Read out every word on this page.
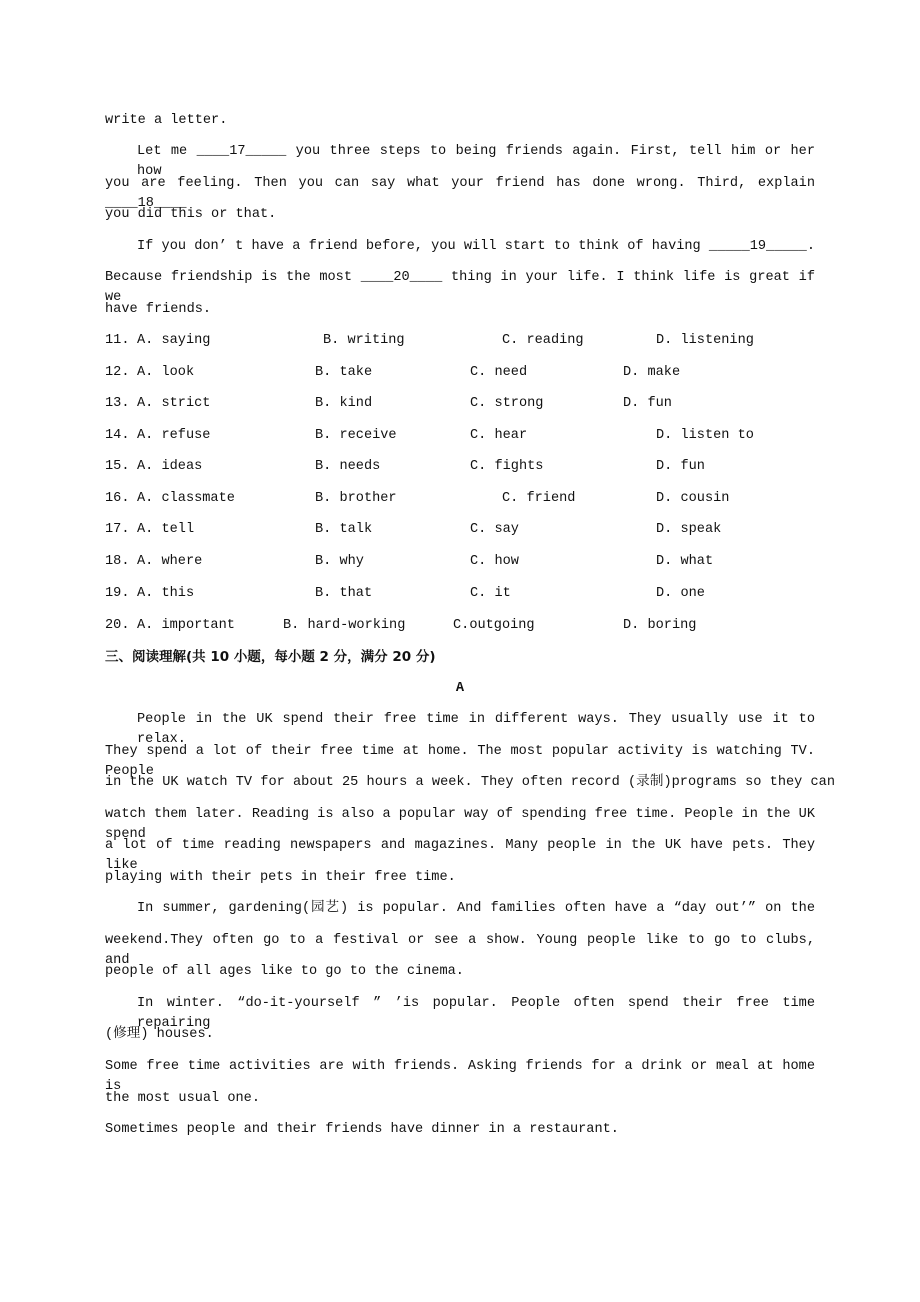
write a letter.
Let me ____17_____ you three steps to being friends again. First, tell him or her how
you are feeling. Then you can say what your friend has done wrong. Third, explain ____18____
you did this or that.
If you don’ t have a friend before, you will start to think of having _____19_____.
Because friendship is the most ____20____ thing in your life. I think life is great if we
have friends.
11. A. saying	B. writing	C. reading	D. listening
12. A. look	B. take	C. need	D. make
13. A. strict	B. kind	C. strong	D. fun
14. A. refuse	B. receive	C. hear	D. listen to
15. A. ideas	B. needs	C. fights	D. fun
16. A. classmate	B. brother	C. friend	D. cousin
17. A. tell	B. talk	C. say	D. speak
18. A. where	B. why	C. how	D. what
19. A. this	B. that	C. it	D. one
20. A. important	B. hard-working	C.outgoing	D. boring
三、阅读理解(共 10 小题，每小题 2 分，满分 20 分)
A
People in the UK spend their free time in different ways. They usually use it to relax.
They spend a lot of their free time at home. The most popular activity is watching TV. People
in the UK watch TV for about 25 hours a week. They often record (录制)programs so they can
watch them later. Reading is also a popular way of spending free time. People in the UK spend
a lot of time reading newspapers and magazines. Many people in the UK have pets. They like
playing with their pets in their free time.
In summer, gardening(园艺) is popular. And families often have a “day out’” on the
weekend.They often go to a festival or see a show. Young people like to go to clubs, and
people of all ages like to go to the cinema.
In winter. “do-it-yourself ” ’is popular. People often spend their free time repairing
(修理) houses.
Some free time activities are with friends. Asking friends for a drink or meal at home is
the most usual one.
Sometimes people and their friends have dinner in a restaurant.
